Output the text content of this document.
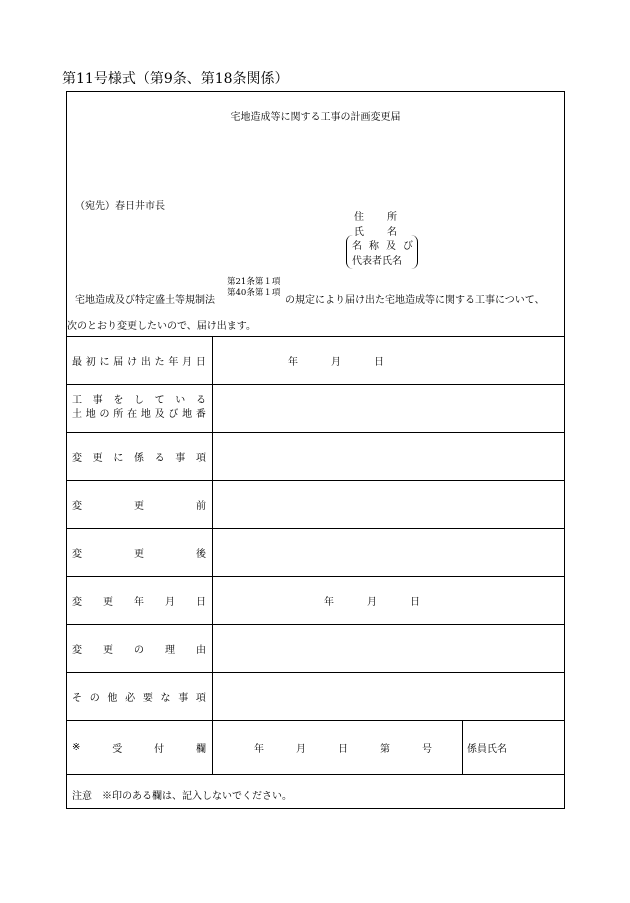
第11号様式（第9条、第18条関係）
宅地造成等に関する工事の計画変更届
（宛先）春日井市長
住 所
氏 名
名 称 及 び
代表者氏名
第21条第１項
第40条第１項
宅地造成及び特定盛土等規制法	の規定により届け出た宅地造成等に関する工事について、
次のとおり変更したいので、届け出ます。
最 初 に 届 け 出 た 年 月 日	年	月	日
工 事 を し て い る
土 地 の 所 在 地 及 び 地 番
変 更 に 係 る 事 項
変	更	前
変	更	後
変 更 年 月 日	年	月	日
変 更 の 理 由
そ の 他 必 要 な 事 項
※	受	付	欄	年	月	日	第	号	係員氏名
注意　※印のある欄は、記入しないでください。
